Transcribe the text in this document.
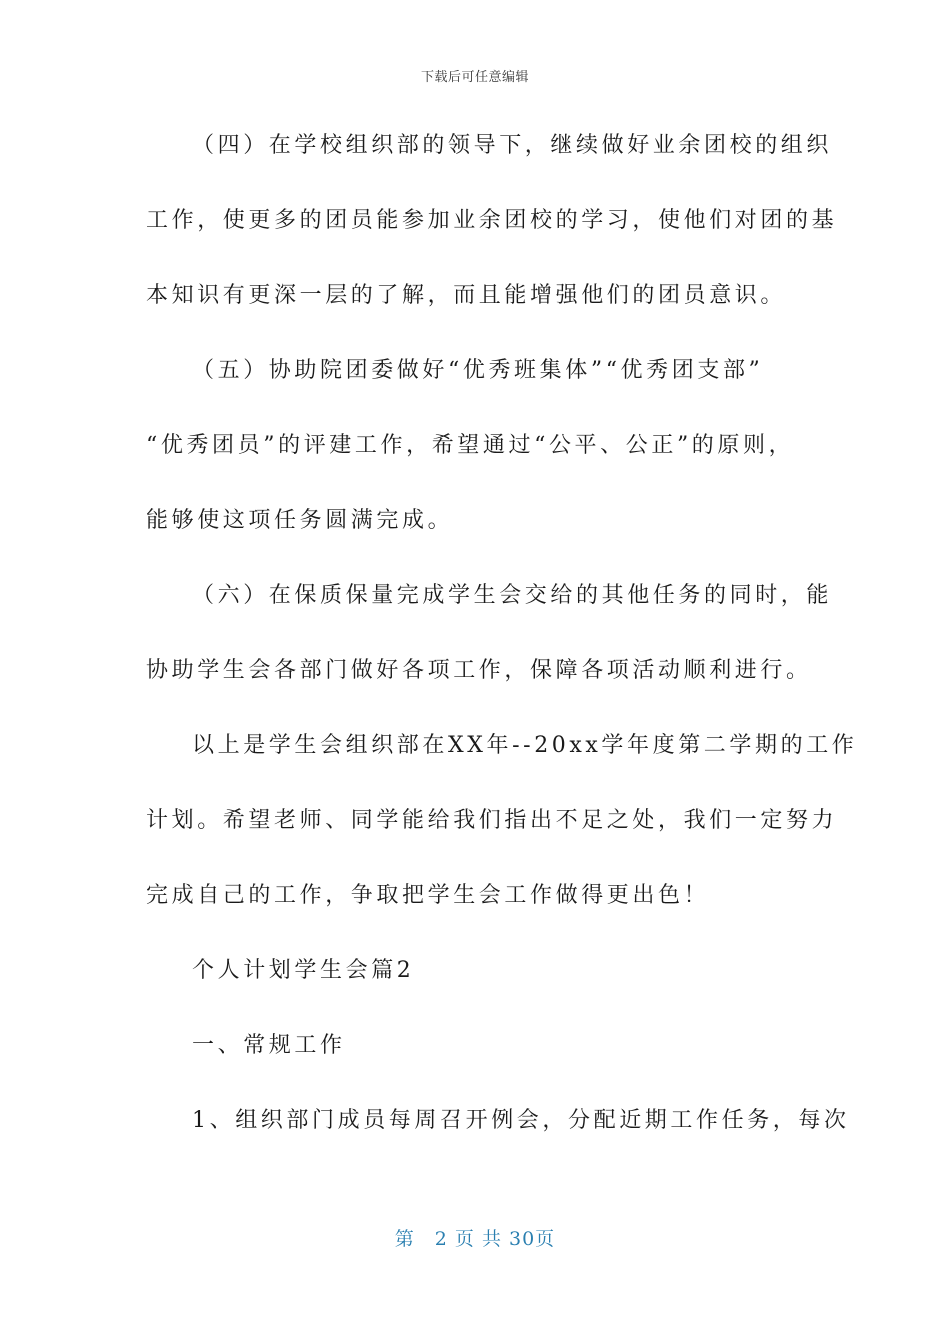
下载后可任意编辑
（四）在学校组织部的领导下，继续做好业余团校的组织
工作，使更多的团员能参加业余团校的学习，使他们对团的基
本知识有更深一层的了解，而且能增强他们的团员意识。
（五）协助院团委做好“优秀班集体”“优秀团支部”
“优秀团员”的评建工作，希望通过“公平、公正”的原则，
能够使这项任务圆满完成。
（六）在保质保量完成学生会交给的其他任务的同时，能
协助学生会各部门做好各项工作，保障各项活动顺利进行。
以上是学生会组织部在XX年--20xx学年度第二学期的工作
计划。希望老师、同学能给我们指出不足之处，我们一定努力
完成自己的工作，争取把学生会工作做得更出色！
个人计划学生会篇2
一、常规工作
1、组织部门成员每周召开例会，分配近期工作任务，每次
第　2 页 共 30页
